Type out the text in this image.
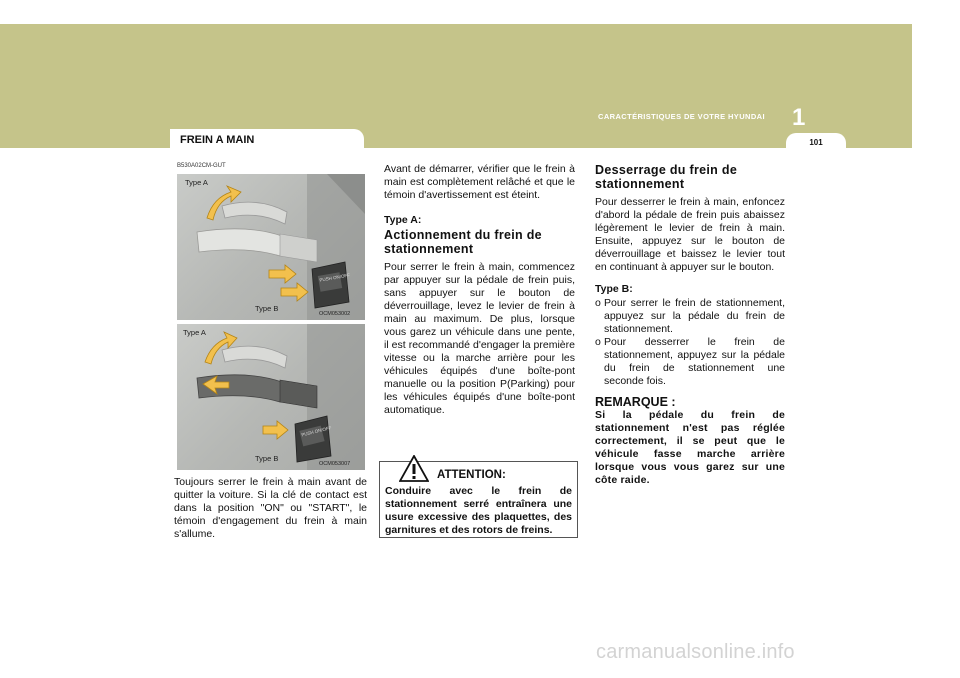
CARACTÉRISTIQUES DE VOTRE HYUNDAI 1
101
FREIN A MAIN
B530A02CM-GUT
PUSH ON/OFF
Type A
Type B
OCM053002
PUSH ON/OFF
Type A
Type B
OCM053007
Toujours serrer le frein à main avant de quitter la voiture. Si la clé de contact est dans la position "ON" ou "START", le témoin d'engagement du frein à main s'allume.

Avant de démarrer, vérifier que le frein à main est complètement relâché et que le témoin d'avertissement est éteint.

Type A:
Actionnement du frein de stationnement

Pour serrer le frein à main, commencez par appuyer sur la pédale de frein puis, sans appuyer sur le bouton de déverrouillage, levez le levier de frein à main au maximum. De plus, lorsque vous garez un véhicule dans une pente, il est recommandé d'engager la première vitesse ou la marche arrière pour les véhicules équipés d'une boîte-pont manuelle ou la position P(Parking) pour les véhicules équipés d'une boîte-pont automatique.

ATTENTION:
Conduire avec le frein de stationnement serré entraînera une usure excessive des plaquettes, des garnitures et des rotors de freins.
Desserrage du frein de stationnement

Pour desserrer le frein à main, enfoncez d'abord la pédale de frein puis abaissez légèrement le levier de frein à main. Ensuite, appuyez sur le bouton de déverrouillage et baissez le levier tout en continuant à appuyer sur le bouton.

Type B:
o Pour serrer le frein de stationnement, appuyez sur la pédale du frein de stationnement.
o Pour desserrer le frein de stationnement, appuyez sur la pédale du frein de stationnement une seconde fois.
REMARQUE :
Si la pédale du frein de stationnement n'est pas réglée correctement, il se peut que le véhicule fasse marche arrière lorsque vous vous garez sur une côte raide.
carmanualsonline.info
